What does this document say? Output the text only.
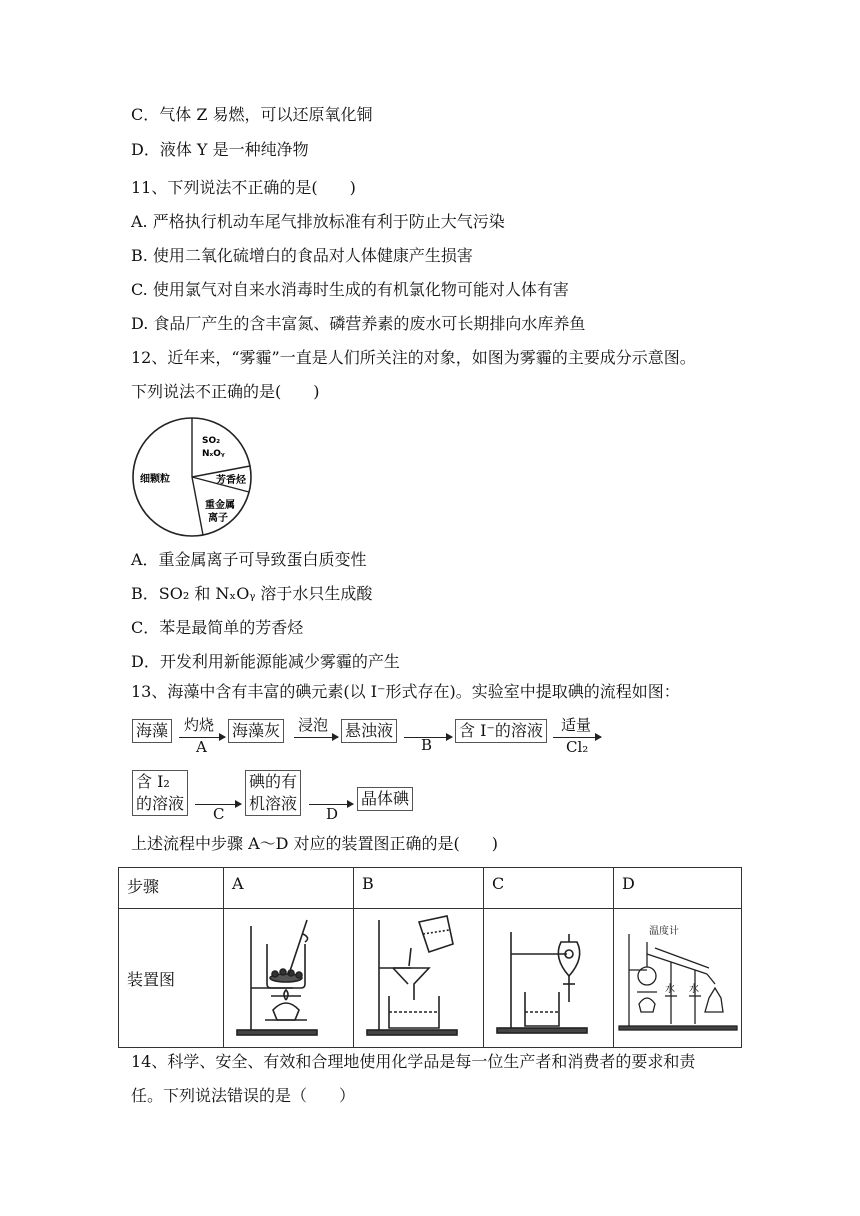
C．气体 Z 易燃，可以还原氧化铜
D．液体 Y 是一种纯净物
11、下列说法不正确的是(　　)
A. 严格执行机动车尾气排放标准有利于防止大气污染
B. 使用二氧化硫增白的食品对人体健康产生损害
C. 使用氯气对自来水消毒时生成的有机氯化物可能对人体有害
D. 食品厂产生的含丰富氮、磷营养素的废水可长期排向水库养鱼
12、近年来，“雾霾”一直是人们所关注的对象，如图为雾霾的主要成分示意图。
下列说法不正确的是(　　)
细颗粒
SO₂
NₓOᵧ
芳香烃
重金属
离子
A．重金属离子可导致蛋白质变性
B．SO₂ 和 NₓOᵧ 溶于水只生成酸
C．苯是最简单的芳香烃
D．开发利用新能源能减少雾霾的产生
13、海藻中含有丰富的碘元素(以 I⁻形式存在)。实验室中提取碘的流程如图：
海藻 灼烧
A
海藻灰 浸泡 悬浊液
B
含 I⁻的溶液 适量
Cl₂
含 I₂
的溶液
C
碘的有
机溶液
D
晶体碘
上述流程中步骤 A～D 对应的装置图正确的是(　　)
步骤	A	B	C	D
装置图				温度计
水 水
14、科学、安全、有效和合理地使用化学品是每一位生产者和消费者的要求和责
任。下列说法错误的是（　　）
